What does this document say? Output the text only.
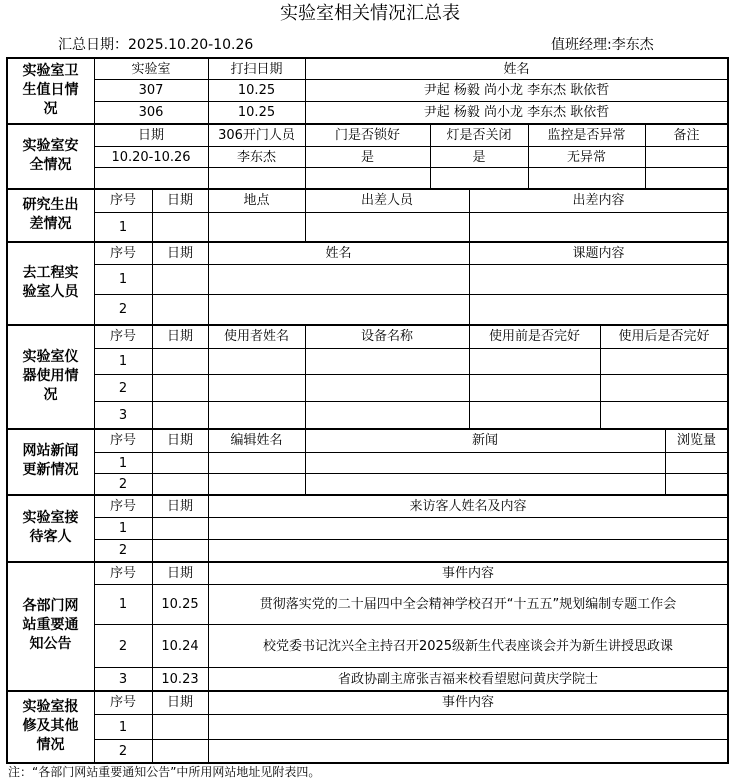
实验室相关情况汇总表
汇总日期：2025.10.20-10.26	值班经理:李东杰
实验室卫生值日情况
实验室	打扫日期	姓名
307	10.25	尹起 杨毅 尚小龙 李东杰 耿依哲
306	10.25	尹起 杨毅 尚小龙 李东杰 耿依哲
实验室安全情况
日期	306开门人员	门是否锁好	灯是否关闭	监控是否异常	备注
10.20-10.26	李东杰	是	是	无异常
研究生出差情况
序号	日期	地点	出差人员	出差内容
1
去工程实验室人员
序号	日期	姓名	课题内容
1
2
实验室仪器使用情况
序号	日期	使用者姓名	设备名称	使用前是否完好	使用后是否完好
1
2
3
网站新闻更新情况
序号	日期	编辑姓名	新闻	浏览量
1
2
实验室接待客人
序号	日期	来访客人姓名及内容
1
2
各部门网站重要通知公告
序号	日期	事件内容
1	10.25	贯彻落实党的二十届四中全会精神学校召开“十五五”规划编制专题工作会
2	10.24	校党委书记沈兴全主持召开2025级新生代表座谈会并为新生讲授思政课
3	10.23	省政协副主席张吉福来校看望慰问黄庆学院士
实验室报修及其他情况
序号	日期	事件内容
1
2
注：“各部门网站重要通知公告”中所用网站地址见附表四。
